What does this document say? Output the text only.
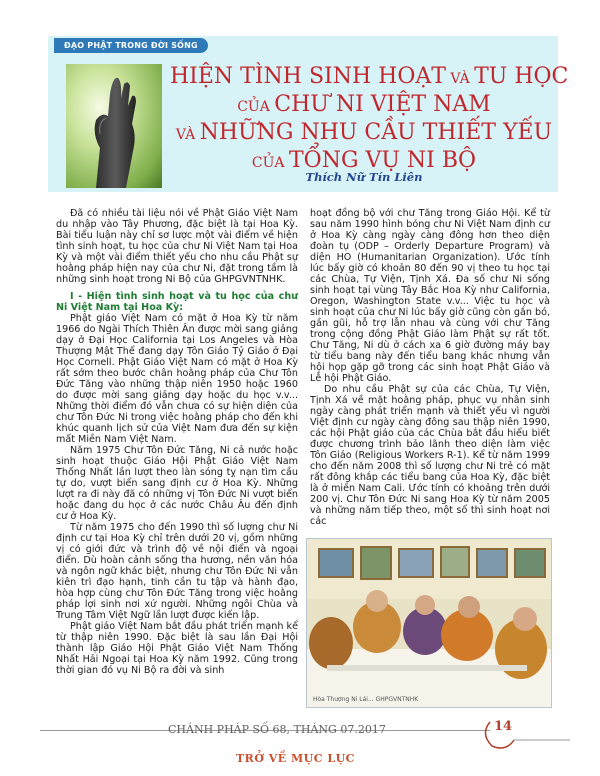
ĐẠO PHẬT TRONG ĐỜI SỐNG
HIỆN TÌNH SINH HOẠT VÀ TU HỌC
CỦA CHƯ NI VIỆT NAM
VÀ NHỮNG NHU CẦU THIẾT YẾU
CỦA TỔNG VỤ NI BỘ
Thích Nữ Tín Liên

Đã có nhiều tài liệu nói về Phật Giáo Việt Nam du nhập vào Tây Phương, đặc biệt là tại Hoa Kỳ. Bài tiểu luận này chỉ sơ lược một vài điểm về hiện tình sinh hoạt, tu học của chư Ni Việt Nam tại Hoa Kỳ và một vài điểm thiết yếu cho nhu cầu Phật sự hoằng pháp hiện nay của chư Ni, đặt trong tầm là những sinh hoạt trong Ni Bộ của GHPGVNTNHK.

I - Hiện tình sinh hoạt và tu học của chư Ni Việt Nam tại Hoa Kỳ:

Phật giáo Việt Nam có mặt ở Hoa Kỳ từ năm 1966 do Ngài Thích Thiên Ân được mời sang giảng dạy ở Đại Học California tại Los Angeles và Hòa Thượng Mật Thể đang dạy Tôn Giáo Tỷ Giáo ở Đại Học Cornell. Phật Giáo Việt Nam có mặt ở Hoa Kỳ rất sớm theo bước chân hoằng pháp của Chư Tôn Đức Tăng vào những thập niên 1950 hoặc 1960 do được mời sang giảng dạy hoặc du học v.v... Những thời điểm đó vẫn chưa có sự hiện diện của chư Tôn Đức Ni trong việc hoằng pháp cho đến khi khúc quanh lịch sử của Việt Nam đưa đến sự kiện mất Miền Nam Việt Nam.

Năm 1975 Chư Tôn Đức Tăng, Ni cả nước hoặc sinh hoạt thuộc Giáo Hội Phật Giáo Việt Nam Thống Nhất lần lượt theo làn sóng tỵ nạn tìm cầu tự do, vượt biển sang định cư ở Hoa Kỳ. Những lượt ra đi này đã có những vị Tôn Đức Ni vượt biển hoặc đang du học ở các nước Châu Âu đến định cư ở Hoa Kỳ.

Từ năm 1975 cho đến 1990 thì số lượng chư Ni định cư tại Hoa Kỳ chỉ trên dưới 20 vị, gồm những vị có giới đức và trình độ về nội điển và ngoại điển. Dù hoàn cảnh sống tha hương, nền văn hóa và ngôn ngữ khác biệt, nhưng chư Tôn Đức Ni vẫn kiên trì đạo hạnh, tinh cần tu tập và hành đạo, hòa hợp cùng chư Tôn Đức Tăng trong việc hoằng pháp lợi sinh nơi xứ người. Những ngôi Chùa và Trung Tâm Việt Ngữ lần lượt được kiến lập.

Phật giáo Việt Nam bắt đầu phát triển mạnh kể từ thập niên 1990. Đặc biệt là sau lần Đại Hội thành lập Giáo Hội Phật Giáo Việt Nam Thống Nhất Hải Ngoại tại Hoa Kỳ năm 1992. Cũng trong thời gian đó vụ Ni Bộ ra đời và sinh

hoạt đồng bộ với chư Tăng trong Giáo Hội. Kể từ sau năm 1990 hình bóng chư Ni Việt Nam định cư ở Hoa Kỳ càng ngày càng đông hơn theo diện đoàn tụ (ODP – Orderly Departure Program) và diện HO (Humanitarian Organization). Ước tính lúc bấy giờ có khoản 80 đến 90 vị theo tu học tại các Chùa, Tự Viện, Tịnh Xá. Đa số chư Ni sống sinh hoạt tại vùng Tây Bắc Hoa Kỳ như California, Oregon, Washington State v.v... Việc tu học và sinh hoạt của chư Ni lúc bấy giờ cũng còn gắn bó, gần gũi, hỗ trợ lẫn nhau và cùng với chư Tăng trong cộng đồng Phật Giáo làm Phật sự rất tốt. Chư Tăng, Ni dù ở cách xa 6 giờ đường máy bay từ tiểu bang này đến tiểu bang khác nhưng vẫn hội họp gặp gỡ trong các sinh hoạt Phật Giáo và Lễ hội Phật Giáo.

Do nhu cầu Phật sự của các Chùa, Tự Viện, Tịnh Xá về mặt hoằng pháp, phục vụ nhân sinh ngày càng phát triển mạnh và thiết yếu vì người Việt định cư ngày càng đông sau thập niên 1990, các hội Phật giáo của các Chùa bắt đầu hiểu biết được chương trình bảo lãnh theo diện làm việc Tôn Giáo (Religious Workers R-1). Kể từ năm 1999 cho đến năm 2008 thì số lượng chư Ni trẻ có mặt rất đông khắp các tiểu bang của Hoa Kỳ, đặc biệt là ở miền Nam Cali. Ước tính có khoảng trên dưới 200 vị. Chư Tôn Đức Ni sang Hoa Kỳ từ năm 2005 và những năm tiếp theo, một số thì sinh hoạt nơi các

Hòa Thượng Ni Lái... GHPGVNTNHK
CHÁNH PHÁP SỐ 68, THÁNG 07.2017	14
TRỞ VỀ MỤC LỤC
